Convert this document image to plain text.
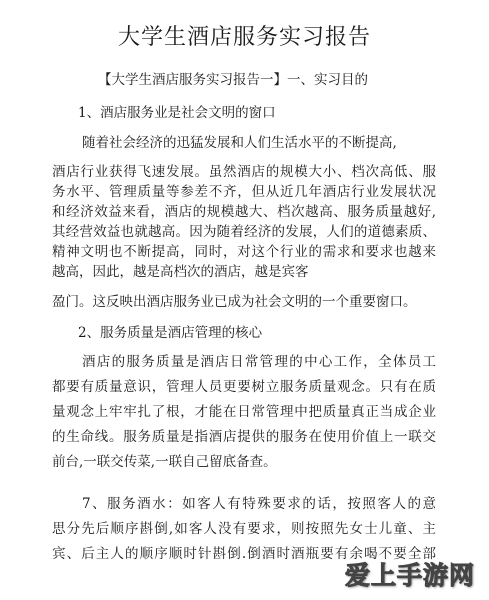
大学生酒店服务实习报告
【大学生酒店服务实习报告一】一、实习目的
1、酒店服务业是社会文明的窗口
随着社会经济的迅猛发展和人们生活水平的不断提高,
酒店行业获得飞速发展。虽然酒店的规模大小、档次高低、服
务水平、管理质量等参差不齐，但从近几年酒店行业发展状况
和经济效益来看，酒店的规模越大、档次越高、服务质量越好,
其经营效益也就越高。因为随着经济的发展，人们的道德素质、
精神文明也不断提高，同时，对这个行业的需求和要求也越来
越高，因此，越是高档次的酒店，越是宾客
盈门。这反映出酒店服务业已成为社会文明的一个重要窗口。
2、服务质量是酒店管理的核心
酒店的服务质量是酒店日常管理的中心工作，全体员工
都要有质量意识，管理人员更要树立服务质量观念。只有在质
量观念上牢牢扎了根，才能在日常管理中把质量真正当成企业
的生命线。服务质量是指酒店提供的服务在使用价值上一联交
前台,一联交传菜,一联自己留底备查。
7、服务酒水：如客人有特殊要求的话，按照客人的意
思分先后顺序斟倒,如客人没有要求，则按照先女士儿童、主
宾、后主人的顺序顺时针斟倒.倒酒时酒瓶要有余喝不要全部
爱上手游网
